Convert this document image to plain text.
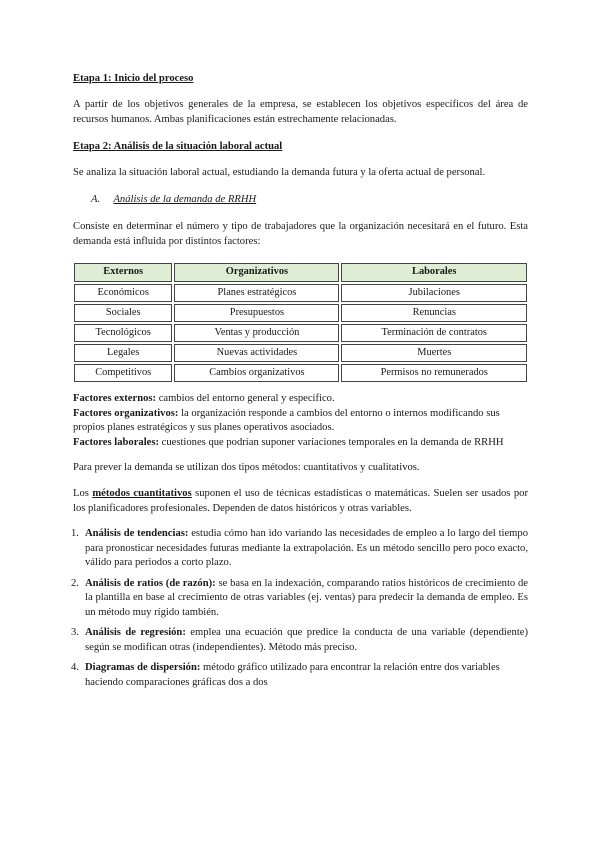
Etapa 1: Inicio del proceso

A partir de los objetivos generales de la empresa, se establecen los objetivos específicos del área de recursos humanos. Ambas planificaciones están estrechamente relacionadas.

Etapa 2: Análisis de la situación laboral actual

Se analiza la situación laboral actual, estudiando la demanda futura y la oferta actual de personal.

A. Análisis de la demanda de RRHH

Consiste en determinar el número y tipo de trabajadores que la organización necesitará en el futuro. Esta demanda está influida por distintos factores:

Externos	Organizativos	Laborales
Económicos	Planes estratégicos	Jubilaciones
Sociales	Presupuestos	Renuncias
Tecnológicos	Ventas y producción	Terminación de contratos
Legales	Nuevas actividades	Muertes
Competitivos	Cambios organizativos	Permisos no remunerados

Factores externos: cambios del entorno general y específico.

Factores organizativos: la organización responde a cambios del entorno o internos modificando sus propios planes estratégicos y sus planes operativos asociados.

Factores laborales: cuestiones que podrían suponer variaciones temporales en la demanda de RRHH

Para prever la demanda se utilizan dos tipos métodos: cuantitativos y cualitativos.

Los métodos cuantitativos suponen el uso de técnicas estadísticas o matemáticas. Suelen ser usados por los planificadores profesionales. Dependen de datos históricos y otras variables.

1. Análisis de tendencias: estudia cómo han ido variando las necesidades de empleo a lo largo del tiempo para pronosticar necesidades futuras mediante la extrapolación. Es un método sencillo pero poco exacto, válido para periodos a corto plazo.
2. Análisis de ratios (de razón): se basa en la indexación, comparando ratios históricos de crecimiento de la plantilla en base al crecimiento de otras variables (ej. ventas) para predecir la demanda de empleo. Es un método muy rígido también.
3. Análisis de regresión: emplea una ecuación que predice la conducta de una variable (dependiente) según se modifican otras (independientes). Método más preciso.
4. Diagramas de dispersión: método gráfico utilizado para encontrar la relación entre dos variables haciendo comparaciones gráficas dos a dos
